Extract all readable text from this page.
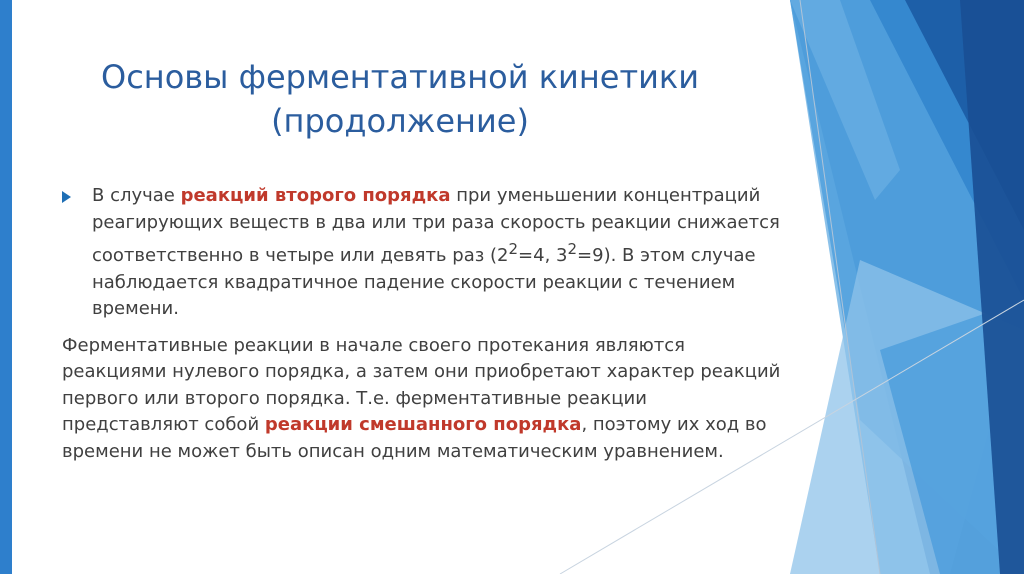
Основы ферментативной кинетики
(продолжение)

В случае реакций второго порядка при уменьшении концентраций реагирующих веществ в два или три раза скорость реакции снижается соответственно в четыре или девять раз ($2^2=4$, $3^2=9$). В этом случае наблюдается квадратичное падение скорости реакции с течением времени.

Ферментативные реакции в начале своего протекания являются реакциями нулевого порядка, а затем они приобретают характер реакций первого или второго порядка. Т.е. ферментативные реакции представляют собой реакции смешанного порядка, поэтому их ход во времени не может быть описан одним математическим уравнением.
